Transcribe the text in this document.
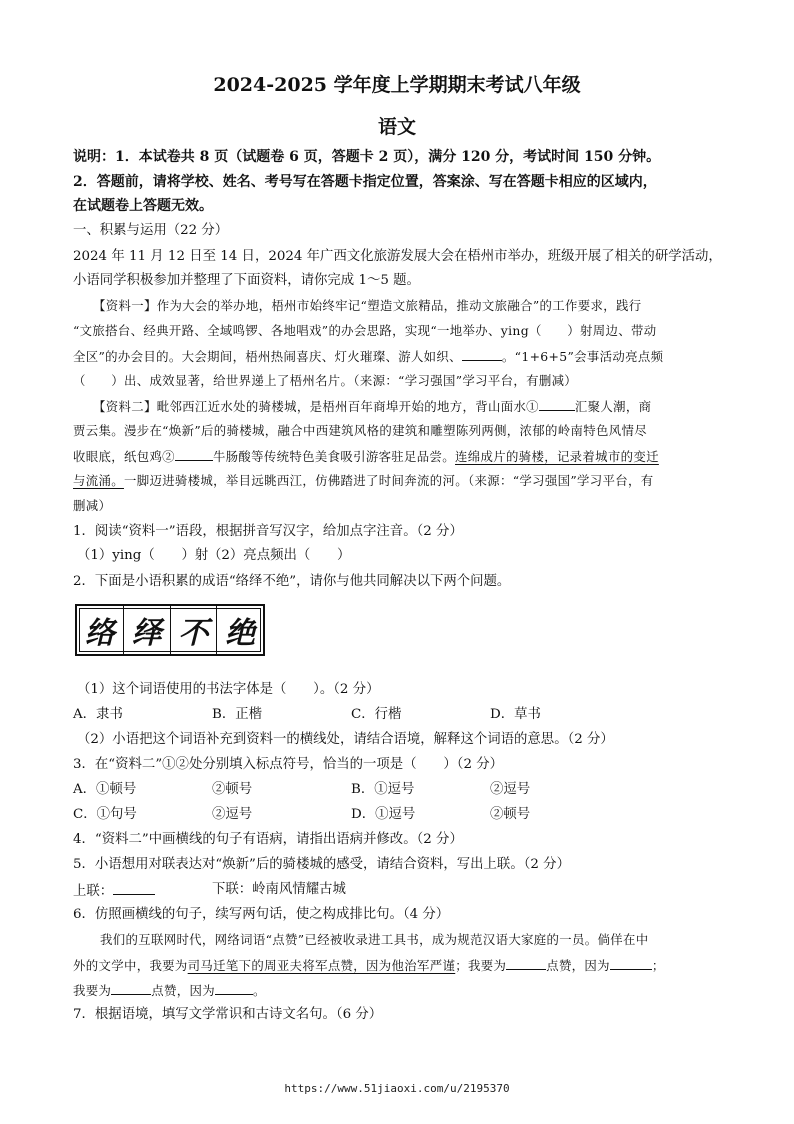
2024-2025 学年度上学期期末考试八年级
语文
说明：1．本试卷共 8 页（试题卷 6 页，答题卡 2 页），满分 120 分，考试时间 150 分钟。
2．答题前，请将学校、姓名、考号写在答题卡指定位置，答案涂、写在答题卡相应的区域内，
在试题卷上答题无效。
一、积累与运用（22 分）
2024 年 11 月 12 日至 14 日，2024 年广西文化旅游发展大会在梧州市举办，班级开展了相关的研学活动，
小语同学积极参加并整理了下面资料，请你完成 1～5 题。
【资料一】作为大会的举办地，梧州市始终牢记“塑造文旅精品，推动文旅融合”的工作要求，践行
“文旅搭台、经典开路、全域鸣锣、各地唱戏”的办会思路，实现“一地举办、ying（　　）射周边、带动
全区”的办会目的。大会期间，梧州热闹喜庆、灯火璀璨、游人如织、	。“1+6+5”会事活动亮点频
（　　）出、成效显著，给世界递上了梧州名片。（来源：“学习强国”学习平台，有删减）
【资料二】毗邻西江近水处的骑楼城，是梧州百年商埠开始的地方，背山面水①	汇聚人潮，商
贾云集。漫步在“焕新”后的骑楼城，融合中西建筑风格的建筑和雕塑陈列两侧，浓郁的岭南特色风情尽
收眼底，纸包鸡②	牛肠酸等传统特色美食吸引游客驻足品尝。连绵成片的骑楼，记录着城市的变迁
与流涌。一脚迈进骑楼城，举目远眺西江，仿佛踏进了时间奔流的河。（来源：“学习强国”学习平台，有
删减）
1．阅读“资料一”语段，根据拼音写汉字，给加点字注音。（2 分）
（1）ying（　　）射 （2）亮点频出（　　）
2．下面是小语积累的成语“络绎不绝”，请你与他共同解决以下两个问题。
络 绎 不 绝
（1）这个词语使用的书法字体是（　　）。（2 分）
A．隶书	B．正楷	C．行楷	D．草书
（2）小语把这个词语补充到资料一的横线处，请结合语境，解释这个词语的意思。（2 分）
3．在“资料二”①②处分别填入标点符号，恰当的一项是（　　）（2 分）
A．①顿号	②顿号	B．①逗号	②逗号
C．①句号	②逗号	D．①逗号	②顿号
4．“资料二”中画横线的句子有语病，请指出语病并修改。（2 分）
5．小语想用对联表达对“焕新”后的骑楼城的感受，请结合资料，写出上联。（2 分）
上联：	下联：岭南风情耀古城
6．仿照画横线的句子，续写两句话，使之构成排比句。（4 分）
我们的互联网时代，网络词语“点赞”已经被收录进工具书，成为规范汉语大家庭的一员。倘佯在中
外的文学中，我要为司马迁笔下的周亚夫将军点赞，因为他治军严谨；我要为	点赞，因为	；
我要为	点赞，因为	。
7．根据语境，填写文学常识和古诗文名句。（6 分）
https://www.51jiaoxi.com/u/2195370
